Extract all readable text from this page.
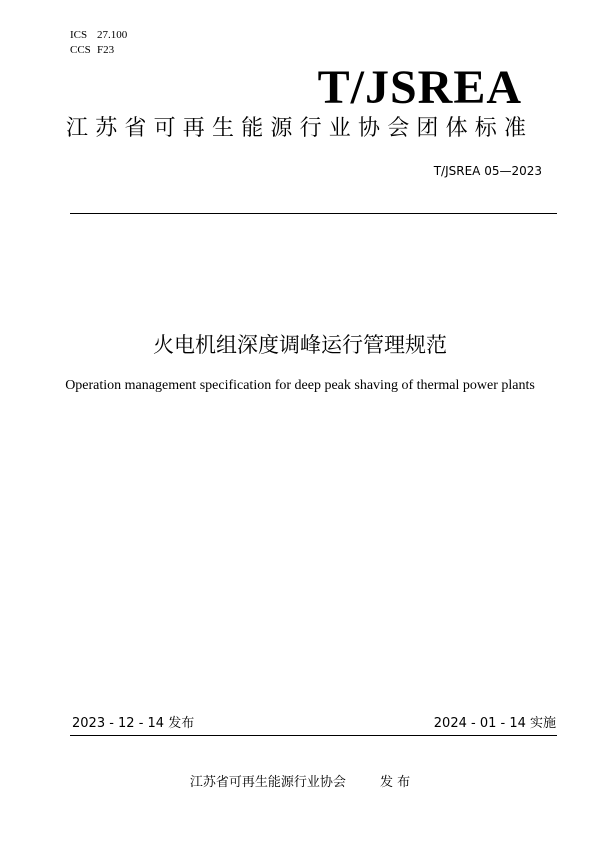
ICS 27.100
CCS F23
T/JSREA
江苏省可再生能源行业协会团体标准
T/JSREA 05—2023
火电机组深度调峰运行管理规范
Operation management specification for deep peak shaving of thermal power plants
2023 - 12 - 14 发布	2024 - 01 - 14 实施
江苏省可再生能源行业协会	发 布
